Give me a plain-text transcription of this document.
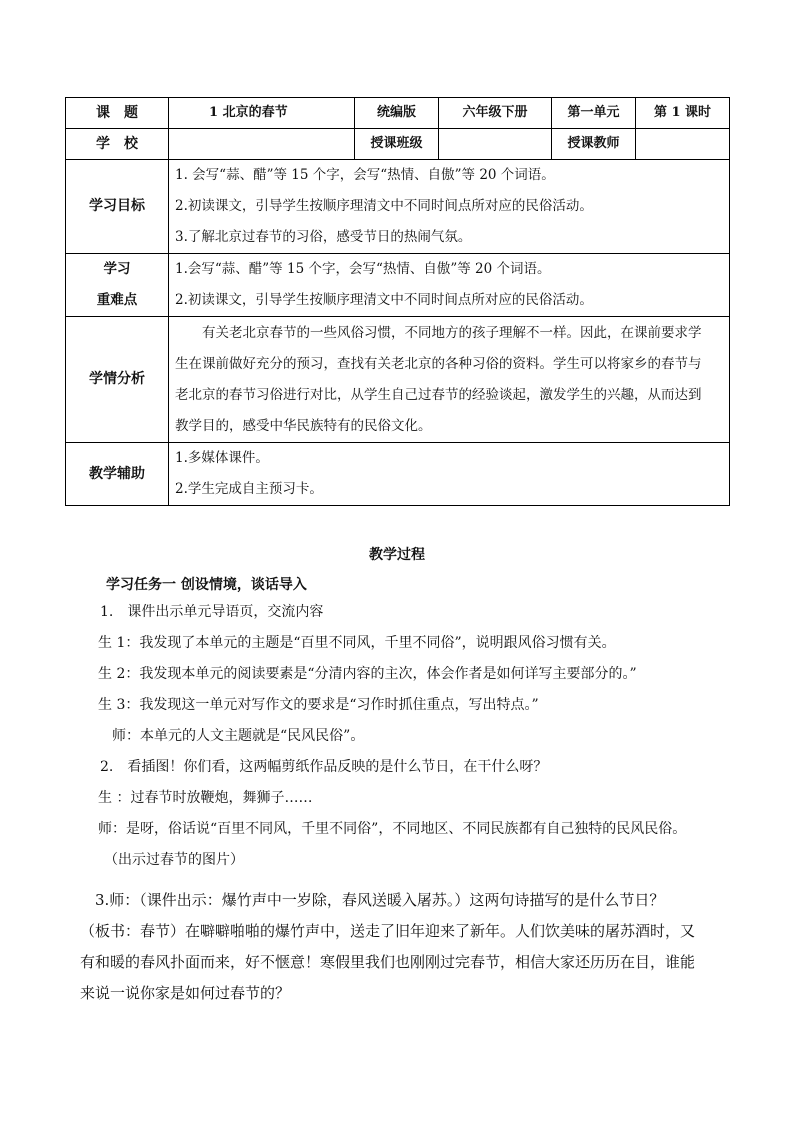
课　题	1 北京的春节	统编版	六年级下册	第一单元	第 1 课时
学　校		授课班级		授课教师	
学习目标	1. 会写“蒜、醋”等 15 个字，会写“热情、自傲”等 20 个词语。
2.初读课文，引导学生按顺序理清文中不同时间点所对应的民俗活动。
3.了解北京过春节的习俗，感受节日的热闹气氛。				

学习
重难点	1.会写“蒜、醋”等 15 个字，会写“热情、自傲”等 20 个词语。
2.初读课文，引导学生按顺序理清文中不同时间点所对应的民俗活动。				

学情分析	　　有关老北京春节的一些风俗习惯，不同地方的孩子理解不一样。因此，在课前要求学
生在课前做好充分的预习，查找有关老北京的各种习俗的资料。学生可以将家乡的春节与
老北京的春节习俗进行对比，从学生自己过春节的经验谈起，激发学生的兴趣，从而达到
教学目的，感受中华民族特有的民俗文化。				

教学辅助	1.多媒体课件。
2.学生完成自主预习卡。				
教学过程

学习任务一 创设情境，谈话导入

1.　课件出示单元导语页，交流内容

生 1：我发现了本单元的主题是“百里不同风，千里不同俗”，说明跟风俗习惯有关。

生 2：我发现本单元的阅读要素是“分清内容的主次，体会作者是如何详写主要部分的。”

生 3：我发现这一单元对写作文的要求是“习作时抓住重点，写出特点。”

　师：本单元的人文主题就是“民风民俗”。

2.　看插图！你们看，这两幅剪纸作品反映的是什么节日，在干什么呀？

生 ：过春节时放鞭炮，舞狮子……

师：是呀，俗话说“百里不同风，千里不同俗”，不同地区、不同民族都有自己独特的民风民俗。

（出示过春节的图片）

　3.师：（课件出示：爆竹声中一岁除，春风送暖入屠苏。）这两句诗描写的是什么节日？
（板书：春节）在噼噼啪啪的爆竹声中，送走了旧年迎来了新年。人们饮美味的屠苏酒时，又
有和暖的春风扑面而来，好不惬意！寒假里我们也刚刚过完春节，相信大家还历历在目，谁能
来说一说你家是如何过春节的？
